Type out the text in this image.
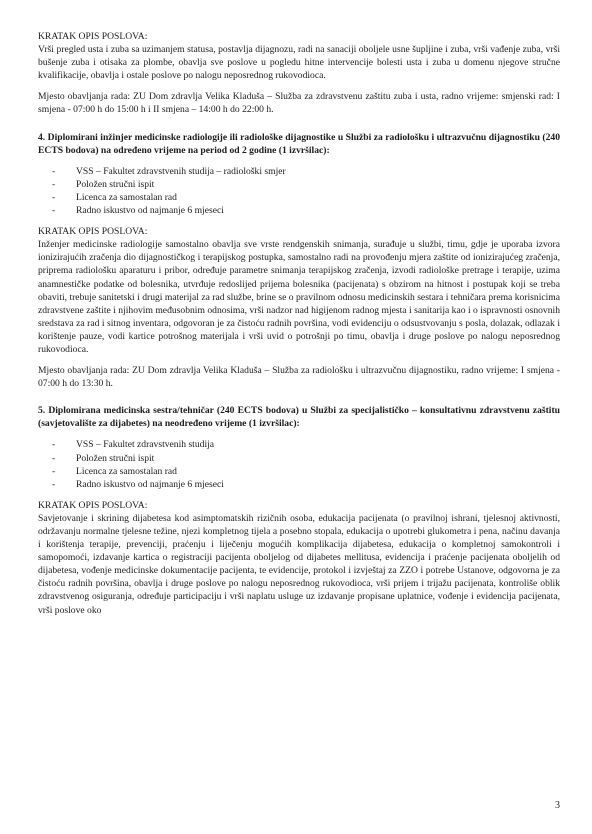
KRATAK OPIS POSLOVA:

Vrši pregled usta i zuba sa uzimanjem statusa, postavlja dijagnozu, radi na sanaciji oboljele usne šupljine i zuba, vrši vađenje zuba, vrši bušenje zuba i otisaka za plombe, obavlja sve poslove u pogledu hitne intervencije bolesti usta i zuba u domenu njegove stručne kvalifikacije, obavlja i ostale poslove po nalogu neposrednog rukovodioca.

Mjesto obavljanja rada: ZU Dom zdravlja Velika Kladuša – Služba za zdravstvenu zaštitu zuba i usta, radno vrijeme: smjenski rad: I smjena - 07:00 h do 15:00 h i II smjena – 14:00 h do 22:00 h.

4. Diplomirani inžinjer medicinske radiologije ili radiološke dijagnostike u Službi za radiološku i ultrazvučnu dijagnostiku (240 ECTS bodova) na određeno vrijeme na period od 2 godine (1 izvršilac):

- VSS – Fakultet zdravstvenih studija – radiološki smjer
- Položen stručni ispit
- Licenca za samostalan rad
- Radno iskustvo od najmanje 6 mjeseci

KRATAK OPIS POSLOVA:

Inženjer medicinske radiologije samostalno obavlja sve vrste rendgenskih snimanja, surađuje u službi, timu, gdje je uporaba izvora ionizirajućih zračenja dio dijagnostičkog i terapijskog postupka, samostalno radi na provođenju mjera zaštite od ionizirajućeg zračenja, priprema radiološku aparaturu i pribor, određuje parametre snimanja terapijskog zračenja, izvodi radiološke pretrage i terapije, uzima anamnestičke podatke od bolesnika, utvrđuje redoslijed prijema bolesnika (pacijenata) s obzirom na hitnost i postupak koji se treba obaviti, trebuje sanitetski i drugi materijal za rad službe, brine se o pravilnom odnosu medicinskih sestara i tehničara prema korisnicima zdravstvene zaštite i njihovim međusobnim odnosima, vrši nadzor nad higijenom radnog mjesta i sanitarija kao i o ispravnosti osnovnih sredstava za rad i sitnog inventara, odgovoran je za čistoću radnih površina, vodi evidenciju o odsustvovanju s posla, dolazak, odlazak i korištenje pauze, vodi kartice potrošnog materijala i vrši uvid o potrošnji po timu, obavlja i druge poslove po nalogu neposrednog rukovodioca.

Mjesto obavljanja rada: ZU Dom zdravlja Velika Kladuša – Služba za radiološku i ultrazvučnu dijagnostiku, radno vrijeme: I smjena - 07:00 h do 13:30 h.

5. Diplomirana medicinska sestra/tehničar (240 ECTS bodova) u Službi za specijalističko – konsultativnu zdravstvenu zaštitu (savjetovalište za dijabetes) na neodređeno vrijeme (1 izvršilac):

- VSS – Fakultet zdravstvenih studija
- Položen stručni ispit
- Licenca za samostalan rad
- Radno iskustvo od najmanje 6 mjeseci

KRATAK OPIS POSLOVA:

Savjetovanje i skrining dijabetesa kod asimptomatskih rizičnih osoba, edukacija pacijenata (o pravilnoj ishrani, tjelesnoj aktivnosti, održavanju normalne tjelesne težine, njezi kompletnog tijela a posebno stopala, edukacija o upotrebi glukometra i pena, načinu davanja i korištenja terapije, prevenciji, praćenju i liječenju mogućih komplikacija dijabetesa, edukacija o kompletnoj samokontroli i samopomoći, izdavanje kartica o registraciji pacijenta oboljelog od dijabetes mellitusa, evidencija i praćenje pacijenata oboljelih od dijabetesa, vođenje medicinske dokumentacije pacijenta, te evidencije, protokol i izvještaj za ZZO i potrebe Ustanove, odgovorna je za čistoću radnih površina, obavlja i druge poslove po nalogu neposrednog rukovodioca, vrši prijem i trijažu pacijenata, kontroliše oblik zdravstvenog osiguranja, određuje participaciju i vrši naplatu usluge uz izdavanje propisane uplatnice, vođenje i evidencija pacijenata, vrši poslove oko

3
